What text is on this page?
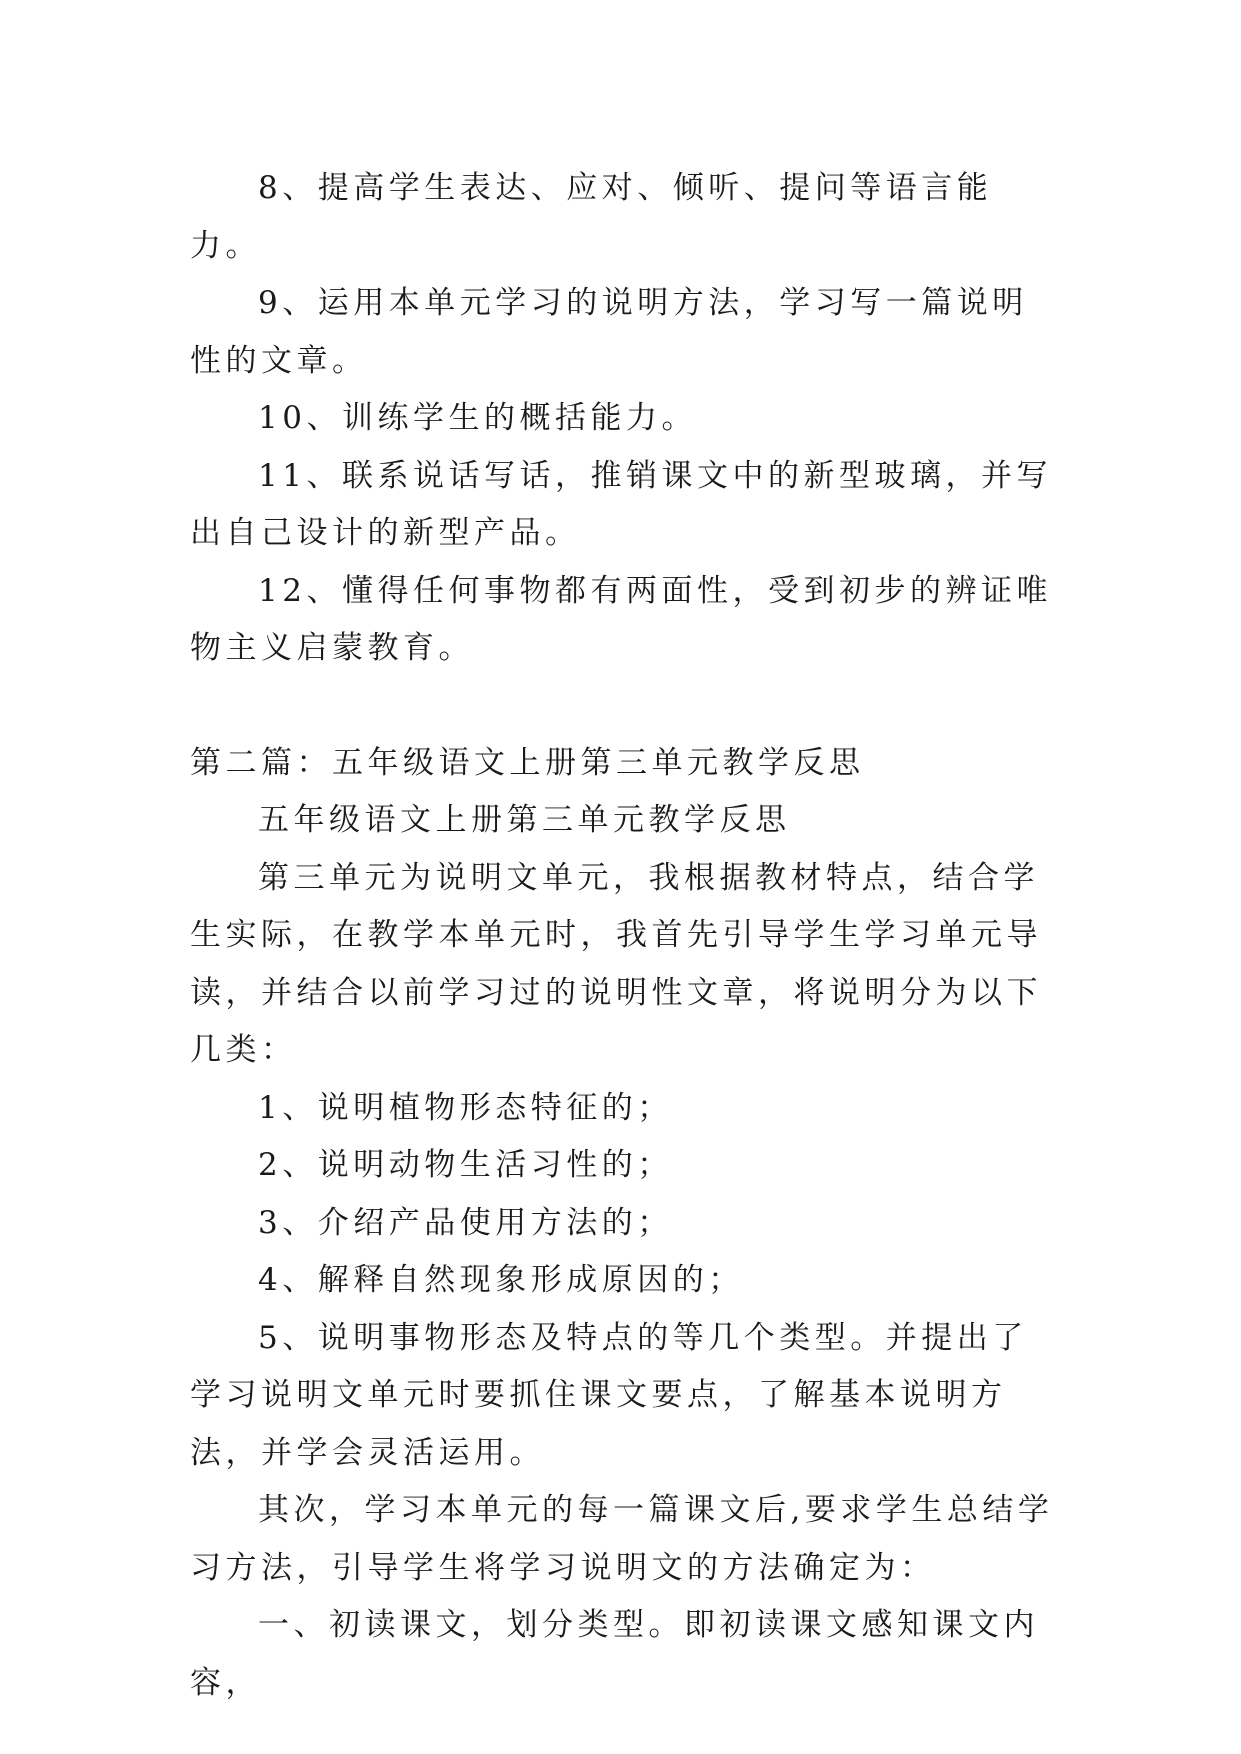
8、提高学生表达、应对、倾听、提问等语言能力。

9、运用本单元学习的说明方法，学习写一篇说明性的文章。

10、训练学生的概括能力。

11、联系说话写话，推销课文中的新型玻璃，并写出自己设计的新型产品。

12、懂得任何事物都有两面性，受到初步的辨证唯物主义启蒙教育。

第二篇：五年级语文上册第三单元教学反思

五年级语文上册第三单元教学反思

第三单元为说明文单元，我根据教材特点，结合学生实际，在教学本单元时，我首先引导学生学习单元导读，并结合以前学习过的说明性文章，将说明分为以下几类：

1、说明植物形态特征的；

2、说明动物生活习性的；

3、介绍产品使用方法的；

4、解释自然现象形成原因的；

5、说明事物形态及特点的等几个类型。并提出了学习说明文单元时要抓住课文要点，了解基本说明方法，并学会灵活运用。

其次，学习本单元的每一篇课文后,要求学生总结学习方法，引导学生将学习说明文的方法确定为：

一、初读课文，划分类型。即初读课文感知课文内容，
